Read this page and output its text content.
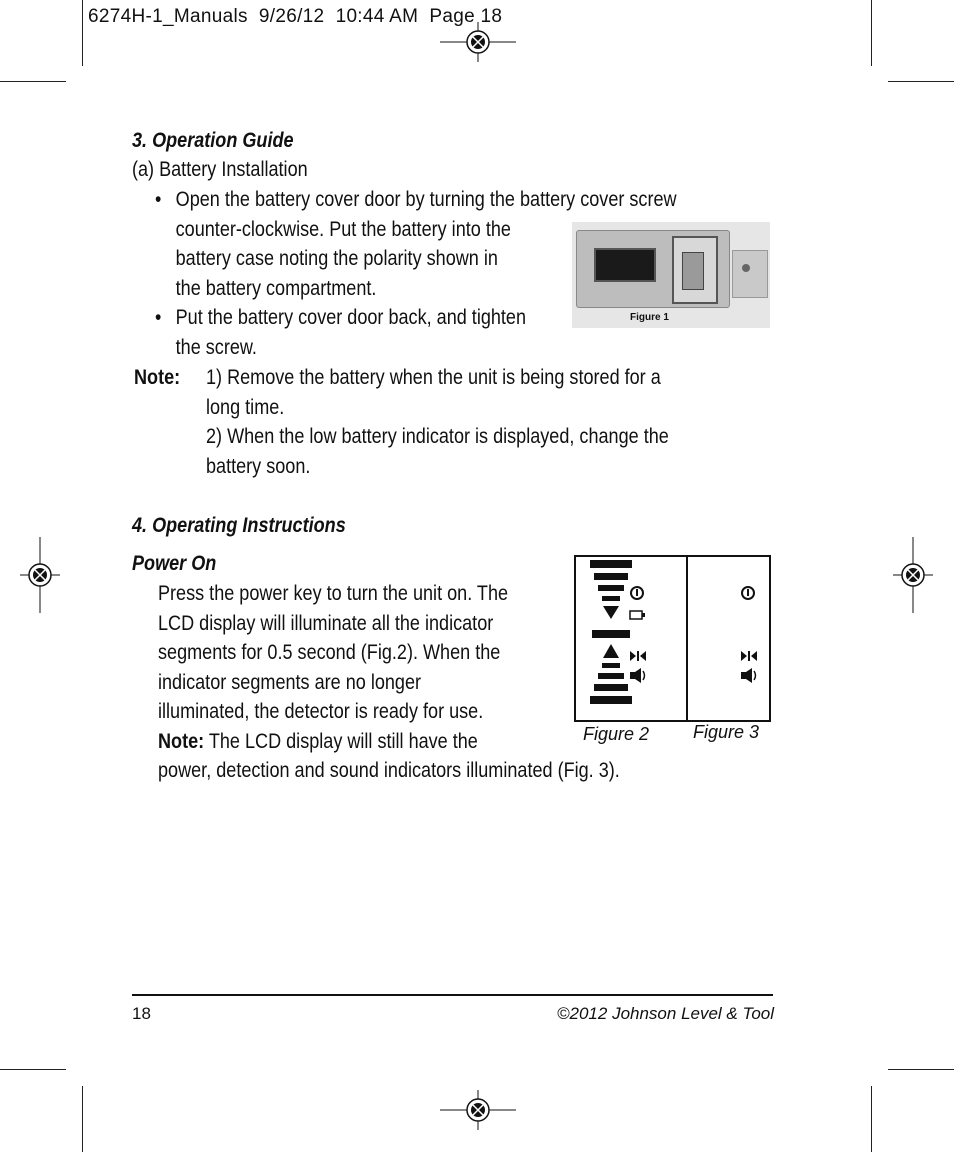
6274H-1_Manuals  9/26/12  10:44 AM  Page 18
3. Operation Guide
(a) Battery Installation
• Open the battery cover door by turning the battery cover screw
counter-clockwise. Put the battery into the
battery case noting the polarity shown in
the battery compartment.
• Put the battery cover door back, and tighten
the screw.
Note: 1) Remove the battery when the unit is being stored for a
long time.
2) When the low battery indicator is displayed, change the
battery soon.
Figure 1
4. Operating Instructions
Power On
Press the power key to turn the unit on. The
LCD display will illuminate all the indicator
segments for 0.5 second (Fig.2). When the
indicator segments are no longer
illuminated, the detector is ready for use.
Note: The LCD display will still have the
power, detection and sound indicators illuminated (Fig. 3).
Figure 2 Figure 3
18	©2012 Johnson Level & Tool
